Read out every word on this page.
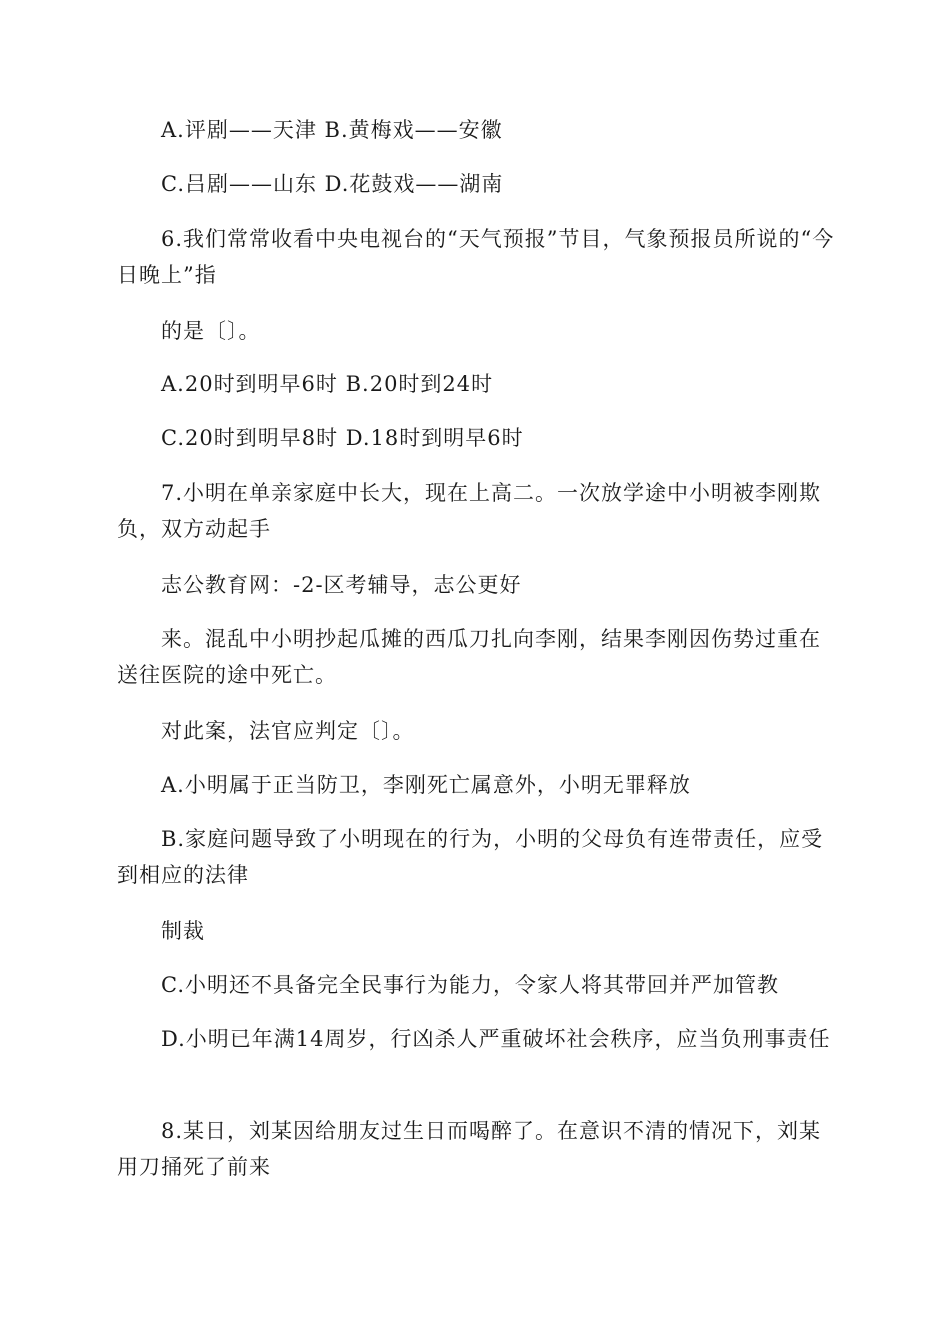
A.评剧——天津 B.黄梅戏——安徽

C.吕剧——山东 D.花鼓戏——湖南

6.我们常常收看中央电视台的“天气预报”节目，气象预报员所说的“今日晚上”指

的是〔〕。

A.20时到明早6时 B.20时到24时

C.20时到明早8时 D.18时到明早6时

7.小明在单亲家庭中长大，现在上高二。一次放学途中小明被李刚欺负，双方动起手

志公教育网：-2-区考辅导，志公更好

来。混乱中小明抄起瓜摊的西瓜刀扎向李刚，结果李刚因伤势过重在送往医院的途中死亡。

对此案，法官应判定〔〕。

A.小明属于正当防卫，李刚死亡属意外，小明无罪释放

B.家庭问题导致了小明现在的行为，小明的父母负有连带责任，应受到相应的法律

制裁

C.小明还不具备完全民事行为能力，令家人将其带回并严加管教

D.小明已年满14周岁，行凶杀人严重破坏社会秩序，应当负刑事责任

8.某日，刘某因给朋友过生日而喝醉了。在意识不清的情况下，刘某用刀捅死了前来
